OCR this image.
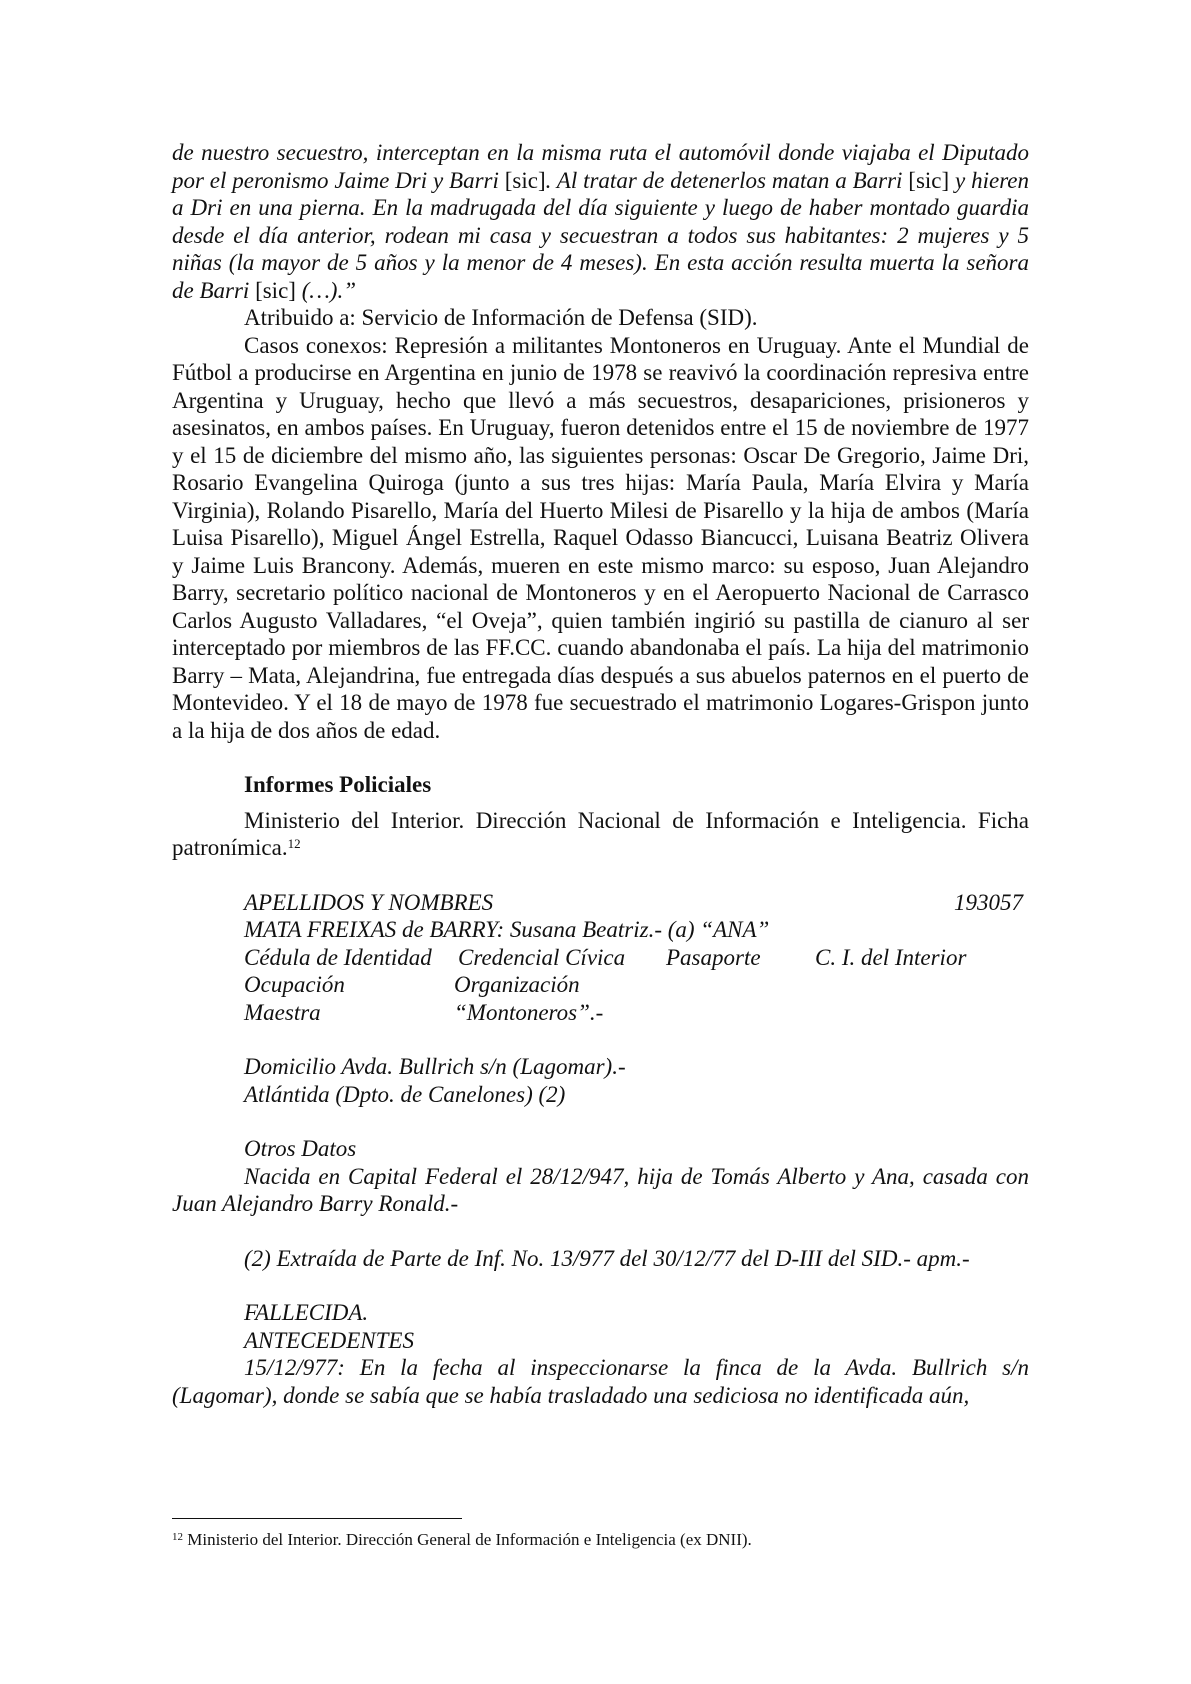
de nuestro secuestro, interceptan en la misma ruta el automóvil donde viajaba el Diputado por el peronismo Jaime Dri y Barri [sic]. Al tratar de detenerlos matan a Barri [sic] y hieren a Dri en una pierna. En la madrugada del día siguiente y luego de haber montado guardia desde el día anterior, rodean mi casa y secuestran a todos sus habitantes: 2 mujeres y 5 niñas (la mayor de 5 años y la menor de 4 meses). En esta acción resulta muerta la señora de Barri [sic] (…).”

Atribuido a: Servicio de Información de Defensa (SID).

Casos conexos: Represión a militantes Montoneros en Uruguay. Ante el Mundial de Fútbol a producirse en Argentina en junio de 1978 se reavivó la coordinación represiva entre Argentina y Uruguay, hecho que llevó a más secuestros, desapariciones, prisioneros y asesinatos, en ambos países. En Uruguay, fueron detenidos entre el 15 de noviembre de 1977 y el 15 de diciembre del mismo año, las siguientes personas: Oscar De Gregorio, Jaime Dri, Rosario Evangelina Quiroga (junto a sus tres hijas: María Paula, María Elvira y María Virginia), Rolando Pisarello, María del Huerto Milesi de Pisarello y la hija de ambos (María Luisa Pisarello), Miguel Ángel Estrella, Raquel Odasso Biancucci, Luisana Beatriz Olivera y Jaime Luis Brancony. Además, mueren en este mismo marco: su esposo, Juan Alejandro Barry, secretario político nacional de Montoneros y en el Aeropuerto Nacional de Carrasco Carlos Augusto Valladares, “el Oveja”, quien también ingirió su pastilla de cianuro al ser interceptado por miembros de las FF.CC. cuando abandonaba el país. La hija del matrimonio Barry – Mata, Alejandrina, fue entregada días después a sus abuelos paternos en el puerto de Montevideo. Y el 18 de mayo de 1978 fue secuestrado el matrimonio Logares-Grispon junto a la hija de dos años de edad.

Informes Policiales

Ministerio del Interior. Dirección Nacional de Información e Inteligencia. Ficha patronímica.$^{12}$

APELLIDOS Y NOMBRES	193057
MATA FREIXAS de BARRY: Susana Beatriz.- (a) “ANA”
Cédula de Identidad	Credencial Cívica	Pasaporte	C. I. del Interior
Ocupación	Organización
Maestra	“Montoneros”.-
Domicilio Avda. Bullrich s/n (Lagomar).-
Atlántida (Dpto. de Canelones) (2)
Otros Datos

Nacida en Capital Federal el 28/12/947, hija de Tomás Alberto y Ana, casada con Juan Alejandro Barry Ronald.-

(2) Extraída de Parte de Inf. No. 13/977 del 30/12/77 del D-III del SID.- apm.-

FALLECIDA.
ANTECEDENTES

15/12/977: En la fecha al inspeccionarse la finca de la Avda. Bullrich s/n (Lagomar), donde se sabía que se había trasladado una sediciosa no identificada aún,

$^{12}$ Ministerio del Interior. Dirección General de Información e Inteligencia (ex DNII).
